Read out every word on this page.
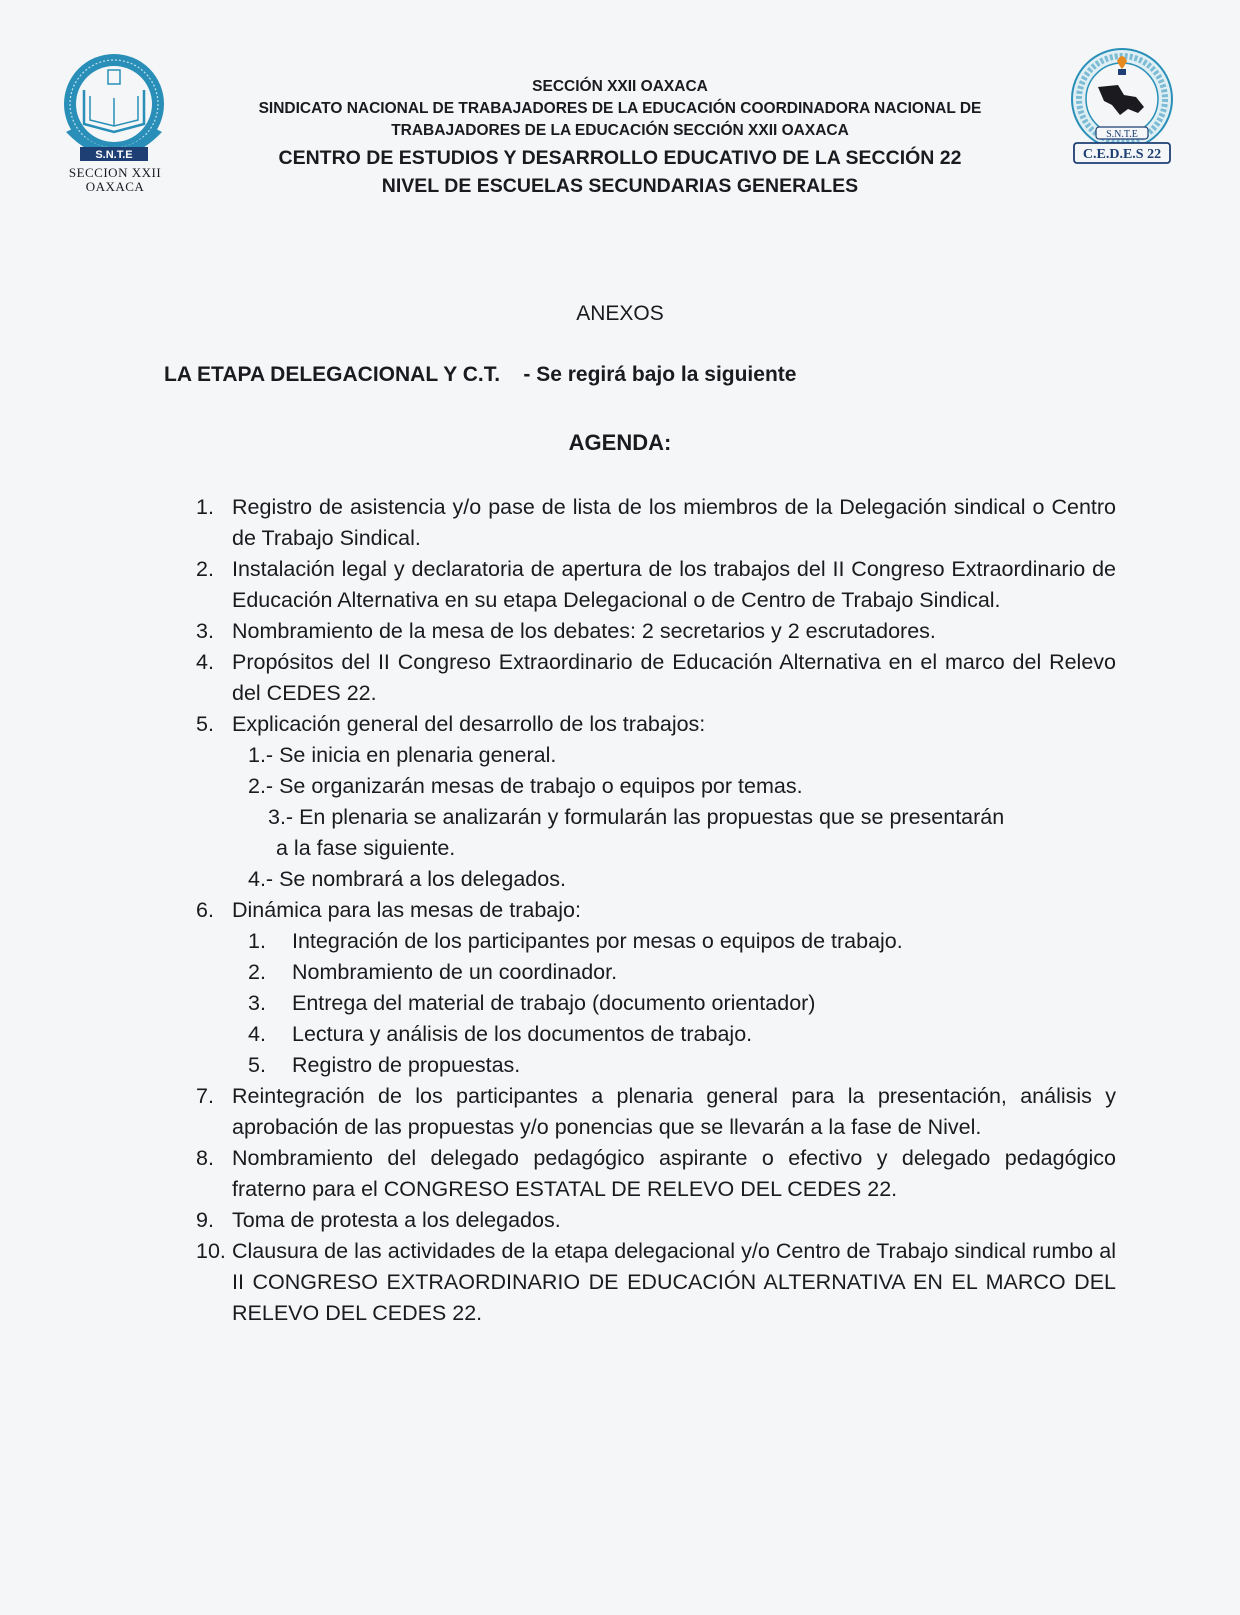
S.N.T.E
SECCION XXII
OAXACA
S.N.T.E
C.E.D.E.S 22
SECCIÓN XXII OAXACA
SINDICATO NACIONAL DE TRABAJADORES DE LA EDUCACIÓN COORDINADORA NACIONAL DE
TRABAJADORES DE LA EDUCACIÓN SECCIÓN XXII OAXACA
CENTRO DE ESTUDIOS Y DESARROLLO EDUCATIVO DE LA SECCIÓN 22
NIVEL DE ESCUELAS SECUNDARIAS GENERALES
ANEXOS
LA ETAPA DELEGACIONAL Y C.T.    - Se regirá bajo la siguiente
AGENDA:
1. Registro de asistencia y/o pase de lista de los miembros de la Delegación sindical o Centro de Trabajo Sindical.
2. Instalación legal y declaratoria de apertura de los trabajos del II Congreso Extraordinario de Educación Alternativa en su etapa Delegacional o de Centro de Trabajo Sindical.
3. Nombramiento de la mesa de los debates: 2 secretarios y 2 escrutadores.
4. Propósitos del II Congreso Extraordinario de Educación Alternativa en el marco del Relevo del CEDES 22.
5. Explicación general del desarrollo de los trabajos:
1.- Se inicia en plenaria general.
2.- Se organizarán mesas de trabajo o equipos por temas.
3.- En plenaria se analizarán y formularán las propuestas que se presentarán
a la fase siguiente.
4.- Se nombrará a los delegados.
6. Dinámica para las mesas de trabajo:
1. Integración de los participantes por mesas o equipos de trabajo.
2. Nombramiento de un coordinador.
3. Entrega del material de trabajo (documento orientador)
4. Lectura y análisis de los documentos de trabajo.
5. Registro de propuestas.
7. Reintegración de los participantes a plenaria general para la presentación, análisis y aprobación de las propuestas y/o ponencias que se llevarán a la fase de Nivel.
8. Nombramiento del delegado pedagógico aspirante o efectivo y delegado pedagógico fraterno para el CONGRESO ESTATAL DE RELEVO DEL CEDES 22.
9. Toma de protesta a los delegados.
10. Clausura de las actividades de la etapa delegacional y/o Centro de Trabajo sindical rumbo al II CONGRESO EXTRAORDINARIO DE EDUCACIÓN ALTERNATIVA EN EL MARCO DEL RELEVO DEL CEDES 22.
